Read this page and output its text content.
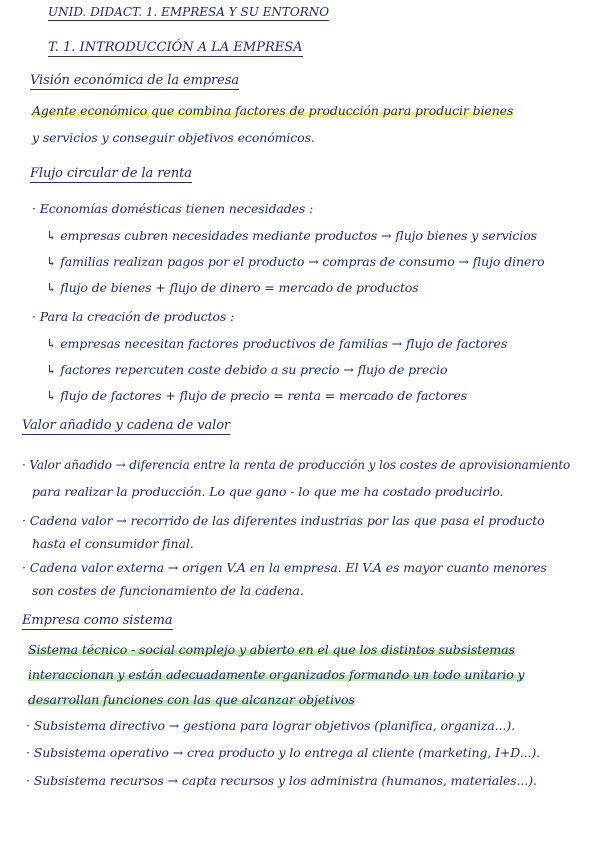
UNID. DIDACT. 1. EMPRESA Y SU ENTORNO
T. 1. INTRODUCCIÓN A LA EMPRESA
Visión económica de la empresa
Agente económico que combina factores de producción para producir bienes
y servicios y conseguir objetivos económicos.
Flujo circular de la renta
· Economías domésticas tienen necesidades :
↳ empresas cubren necesidades mediante productos → flujo bienes y servicios
↳ familias realizan pagos por el producto → compras de consumo → flujo dinero
↳ flujo de bienes + flujo de dinero = mercado de productos
· Para la creación de productos :
↳ empresas necesitan factores productivos de familias → flujo de factores
↳ factores repercuten coste debido a su precio → flujo de precio
↳ flujo de factores + flujo de precio = renta = mercado de factores
Valor añadido y cadena de valor
· Valor añadido → diferencia entre la renta de producción y los costes de aprovisionamiento
para realizar la producción. Lo que gano - lo que me ha costado producirlo.
· Cadena valor → recorrido de las diferentes industrias por las que pasa el producto
hasta el consumidor final.
· Cadena valor externa → origen V.A en la empresa. El V.A es mayor cuanto menores
son costes de funcionamiento de la cadena.
Empresa como sistema
Sistema técnico - social complejo y abierto en el que los distintos subsistemas
interaccionan y están adecuadamente organizados formando un todo unitario y
desarrollan funciones con las que alcanzar objetivos
· Subsistema directivo → gestiona para lograr objetivos (planifica, organiza...).
· Subsistema operativo → crea producto y lo entrega al cliente (marketing, I+D...).
· Subsistema recursos → capta recursos y los administra (humanos, materiales...).
